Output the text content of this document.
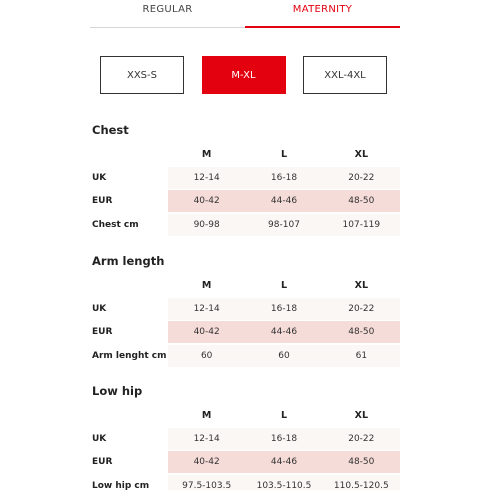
REGULAR	MATERNITY
XXS-S	M-XL	XXL-4XL
Chest
M	L	XL
UK	12-14	16-18	20-22
EUR	40-42	44-46	48-50
Chest cm	90-98	98-107	107-119
Arm length
M	L	XL
UK	12-14	16-18	20-22
EUR	40-42	44-46	48-50
Arm lenght cm	60	60	61
Low hip
M	L	XL
UK	12-14	16-18	20-22
EUR	40-42	44-46	48-50
Low hip cm	97.5-103.5	103.5-110.5	110.5-120.5
